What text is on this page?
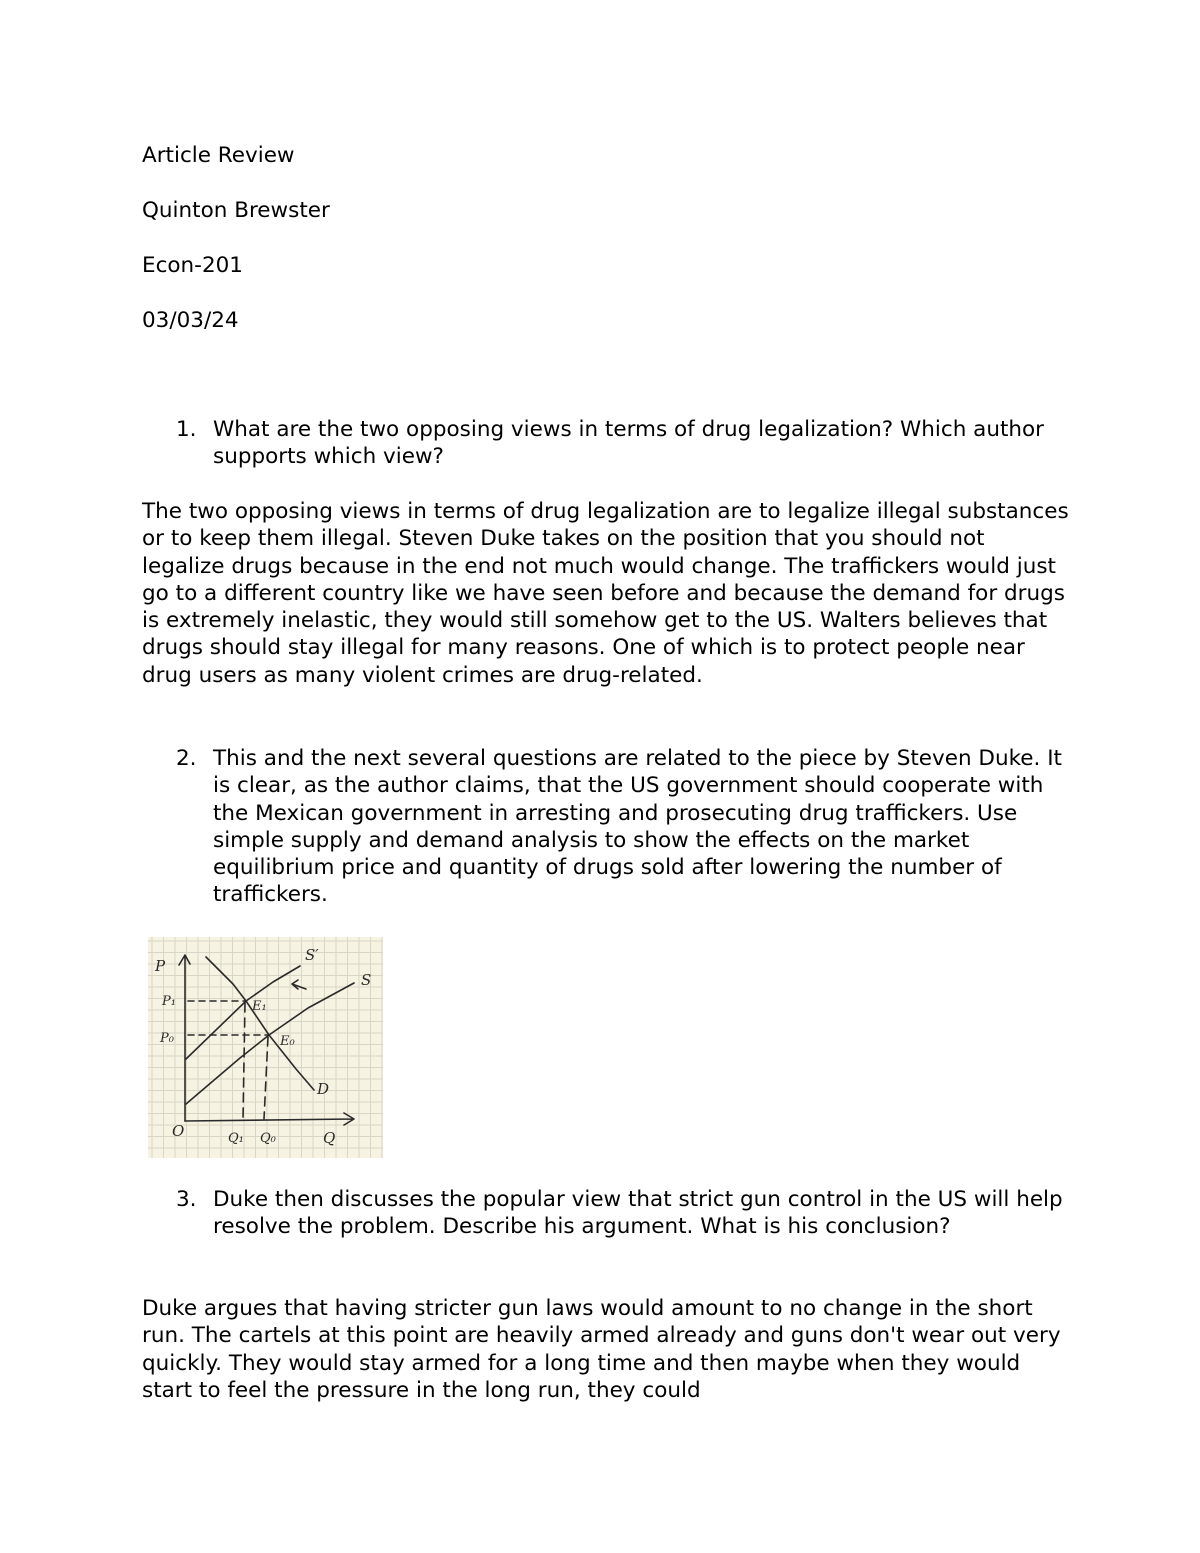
Article Review
Quinton Brewster
Econ-201
03/03/24
1. What are the two opposing views in terms of drug legalization? Which author supports which view?

The two opposing views in terms of drug legalization are to legalize illegal substances or to keep them illegal. Steven Duke takes on the position that you should not legalize drugs because in the end not much would change. The traffickers would just go to a different country like we have seen before and because the demand for drugs is extremely inelastic, they would still somehow get to the US. Walters believes that drugs should stay illegal for many reasons. One of which is to protect people near drug users as many violent crimes are drug-related.

2. This and the next several questions are related to the piece by Steven Duke. It is clear, as the author claims, that the US government should cooperate with the Mexican government in arresting and prosecuting drug traffickers. Use simple supply and demand analysis to show the effects on the market equilibrium price and quantity of drugs sold after lowering the number of traffickers.
P
Q
O
P₁
P₀
Q₁ Q₀
E₁
E₀
S
S′
D
3. Duke then discusses the popular view that strict gun control in the US will help resolve the problem. Describe his argument. What is his conclusion?

Duke argues that having stricter gun laws would amount to no change in the short run. The cartels at this point are heavily armed already and guns don't wear out very quickly. They would stay armed for a long time and then maybe when they would start to feel the pressure in the long run, they could
